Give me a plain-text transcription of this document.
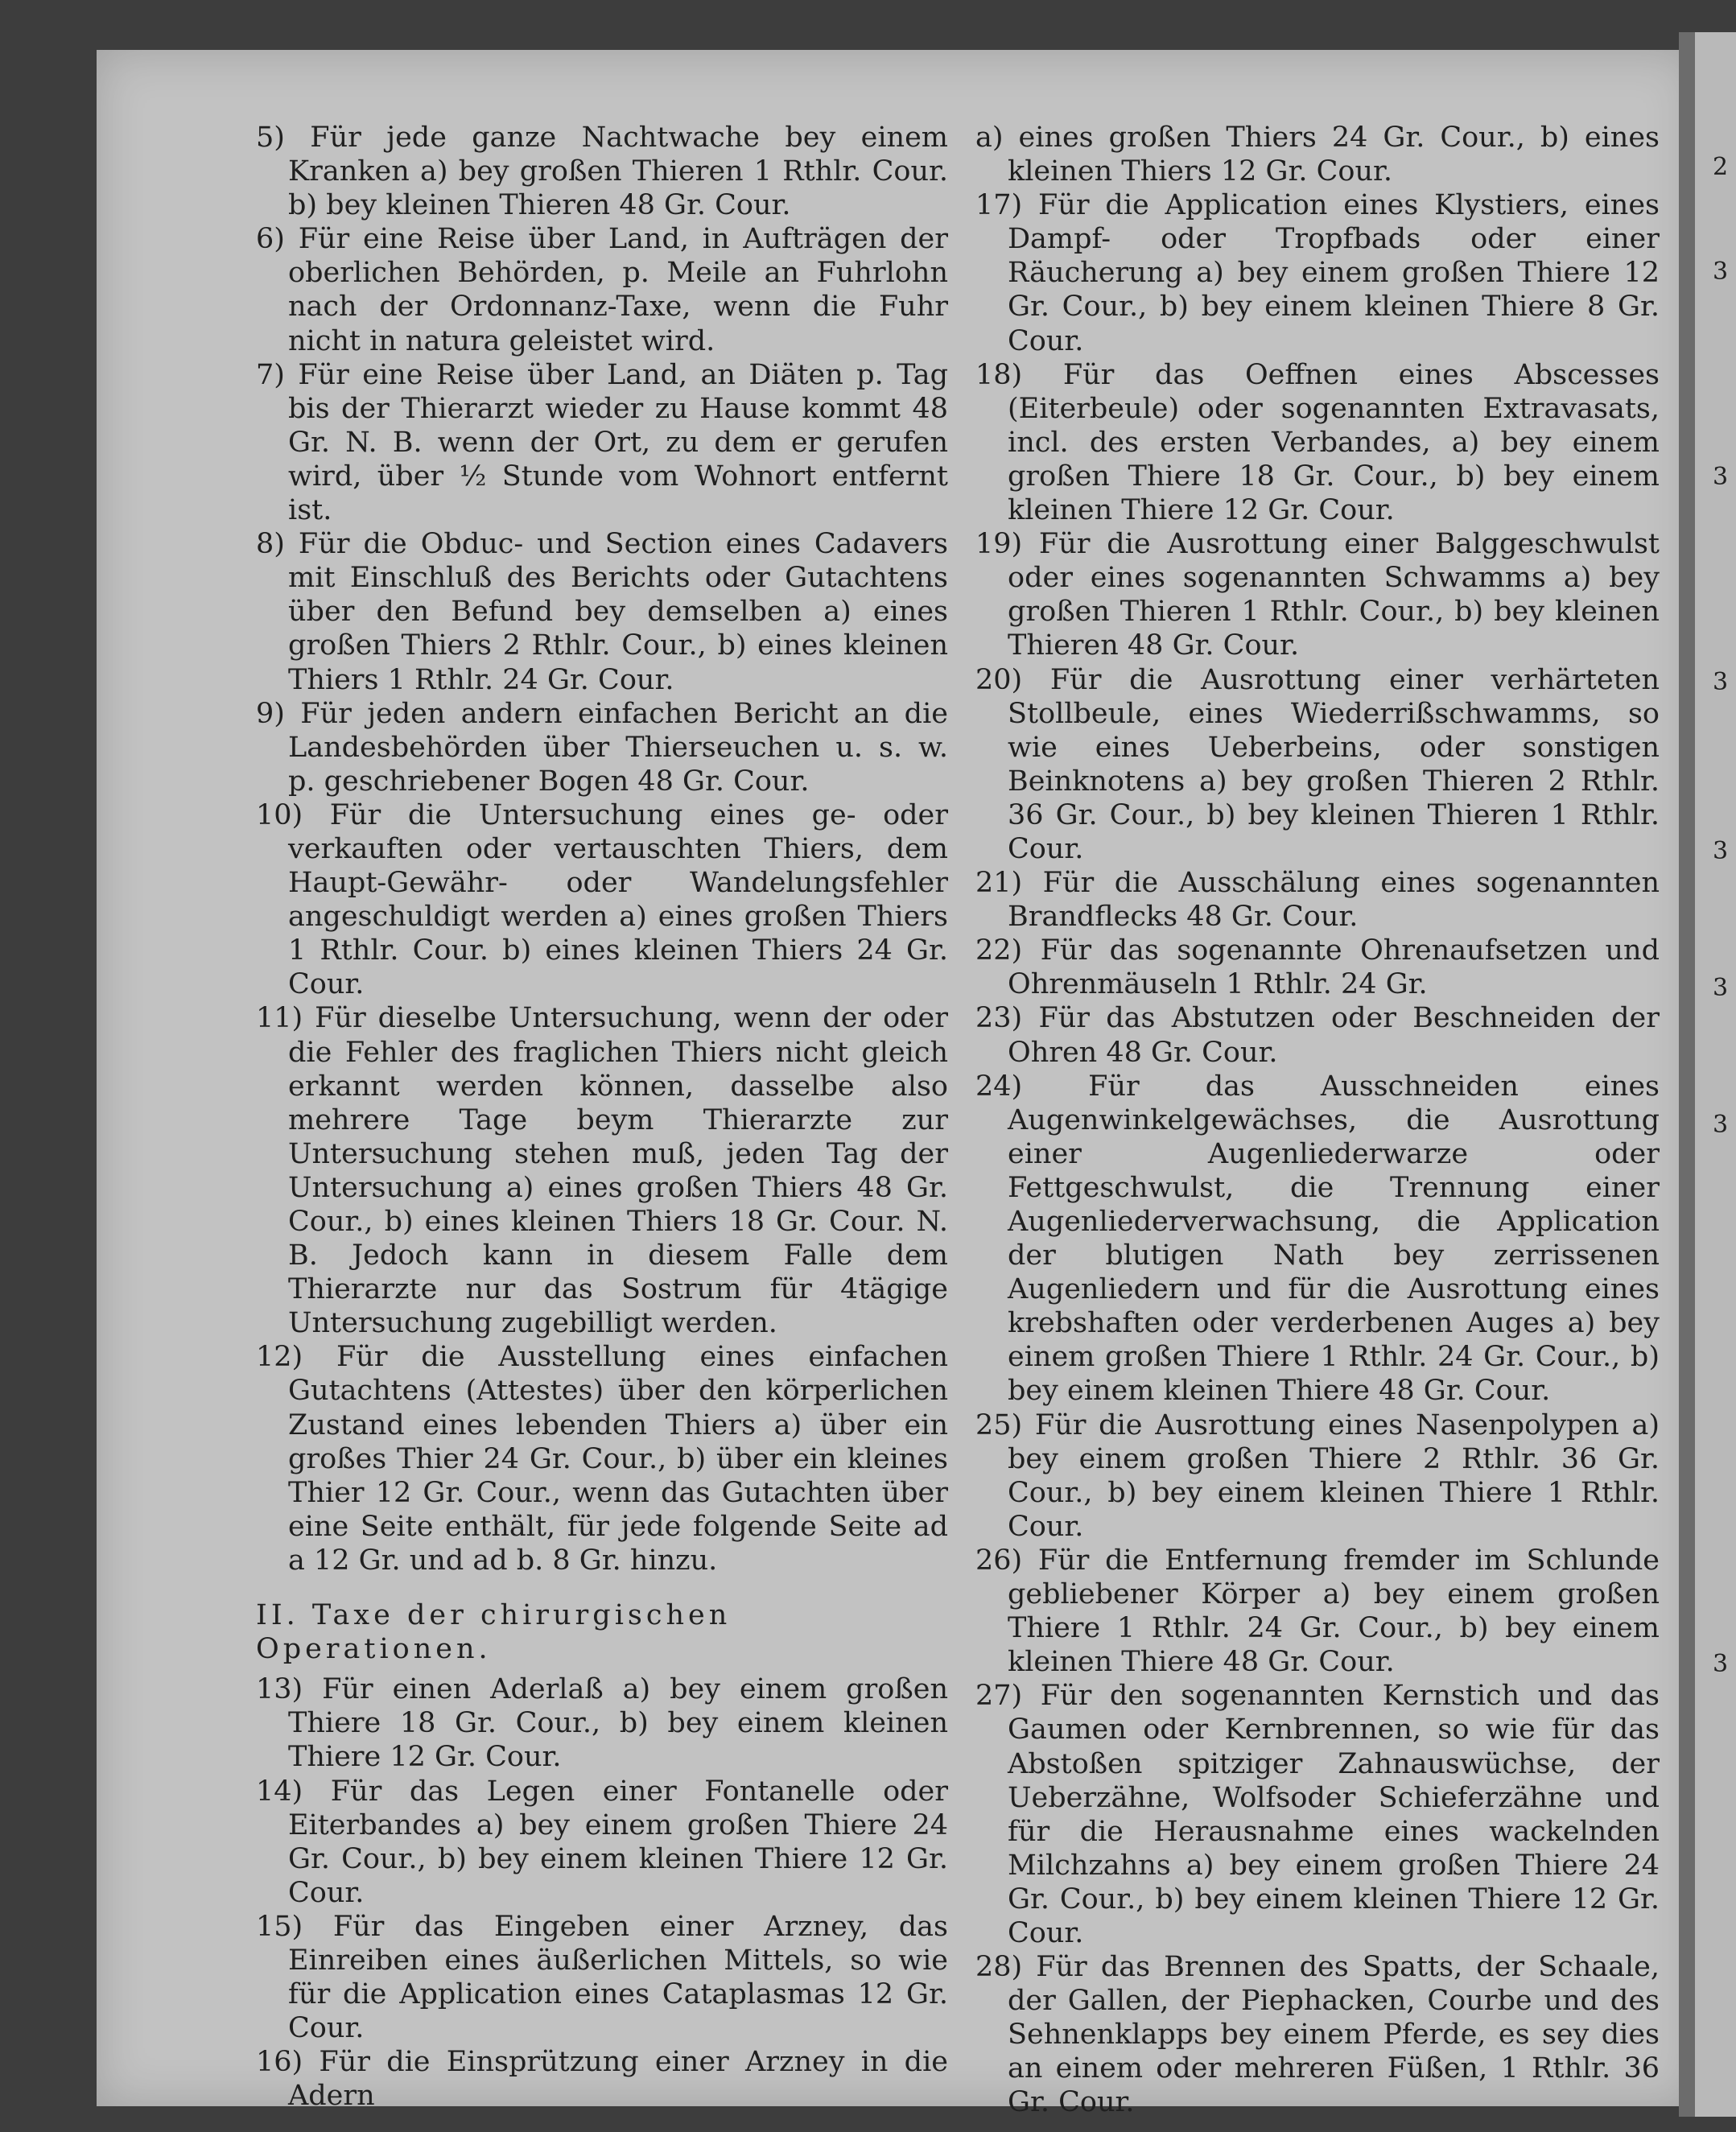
5) Für jede ganze Nachtwache bey einem Kranken a) bey großen Thieren 1 Rthlr. Cour. b) bey kleinen Thieren 48 Gr. Cour.

6) Für eine Reise über Land, in Aufträgen der oberlichen Behörden, p. Meile an Fuhrlohn nach der Ordonnanz-Taxe, wenn die Fuhr nicht in natura geleistet wird.

7) Für eine Reise über Land, an Diäten p. Tag bis der Thierarzt wieder zu Hause kommt 48 Gr. N. B. wenn der Ort, zu dem er gerufen wird, über ½ Stunde vom Wohnort entfernt ist.

8) Für die Obduc- und Section eines Cadavers mit Einschluß des Berichts oder Gutachtens über den Befund bey demselben a) eines großen Thiers 2 Rthlr. Cour., b) eines kleinen Thiers 1 Rthlr. 24 Gr. Cour.

9) Für jeden andern einfachen Bericht an die Landesbehörden über Thierseuchen u. s. w. p. geschriebener Bogen 48 Gr. Cour.

10) Für die Untersuchung eines ge- oder verkauften oder vertauschten Thiers, dem Haupt-Gewähr- oder Wandelungsfehler angeschuldigt werden a) eines großen Thiers 1 Rthlr. Cour. b) eines kleinen Thiers 24 Gr. Cour.

11) Für dieselbe Untersuchung, wenn der oder die Fehler des fraglichen Thiers nicht gleich erkannt werden können, dasselbe also mehrere Tage beym Thierarzte zur Untersuchung stehen muß, jeden Tag der Untersuchung a) eines großen Thiers 48 Gr. Cour., b) eines kleinen Thiers 18 Gr. Cour. N. B. Jedoch kann in diesem Falle dem Thierarzte nur das Sostrum für 4tägige Untersuchung zugebilligt werden.

12) Für die Ausstellung eines einfachen Gutachtens (Attestes) über den körperlichen Zustand eines lebenden Thiers a) über ein großes Thier 24 Gr. Cour., b) über ein kleines Thier 12 Gr. Cour., wenn das Gutachten über eine Seite enthält, für jede folgende Seite ad a 12 Gr. und ad b. 8 Gr. hinzu.

II. Taxe der chirurgischen Operationen.

13) Für einen Aderlaß a) bey einem großen Thiere 18 Gr. Cour., b) bey einem kleinen Thiere 12 Gr. Cour.

14) Für das Legen einer Fontanelle oder Eiterbandes a) bey einem großen Thiere 24 Gr. Cour., b) bey einem kleinen Thiere 12 Gr. Cour.

15) Für das Eingeben einer Arzney, das Einreiben eines äußerlichen Mittels, so wie für die Application eines Cataplasmas 12 Gr. Cour.

16) Für die Einsprützung einer Arzney in die Adern

a) eines großen Thiers 24 Gr. Cour., b) eines kleinen Thiers 12 Gr. Cour.

17) Für die Application eines Klystiers, eines Dampf- oder Tropfbads oder einer Räucherung a) bey einem großen Thiere 12 Gr. Cour., b) bey einem kleinen Thiere 8 Gr. Cour.

18) Für das Oeffnen eines Abscesses (Eiterbeule) oder sogenannten Extravasats, incl. des ersten Verbandes, a) bey einem großen Thiere 18 Gr. Cour., b) bey einem kleinen Thiere 12 Gr. Cour.

19) Für die Ausrottung einer Balggeschwulst oder eines sogenannten Schwamms a) bey großen Thieren 1 Rthlr. Cour., b) bey kleinen Thieren 48 Gr. Cour.

20) Für die Ausrottung einer verhärteten Stollbeule, eines Wiederrißschwamms, so wie eines Ueberbeins, oder sonstigen Beinknotens a) bey großen Thieren 2 Rthlr. 36 Gr. Cour., b) bey kleinen Thieren 1 Rthlr. Cour.

21) Für die Ausschälung eines sogenannten Brandflecks 48 Gr. Cour.

22) Für das sogenannte Ohrenaufsetzen und Ohrenmäuseln 1 Rthlr. 24 Gr.

23) Für das Abstutzen oder Beschneiden der Ohren 48 Gr. Cour.

24) Für das Ausschneiden eines Augenwinkelgewächses, die Ausrottung einer Augenliederwarze oder Fettgeschwulst, die Trennung einer Augenliederverwachsung, die Application der blutigen Nath bey zerrissenen Augenliedern und für die Ausrottung eines krebshaften oder verderbenen Auges a) bey einem großen Thiere 1 Rthlr. 24 Gr. Cour., b) bey einem kleinen Thiere 48 Gr. Cour.

25) Für die Ausrottung eines Nasenpolypen a) bey einem großen Thiere 2 Rthlr. 36 Gr. Cour., b) bey einem kleinen Thiere 1 Rthlr. Cour.

26) Für die Entfernung fremder im Schlunde gebliebener Körper a) bey einem großen Thiere 1 Rthlr. 24 Gr. Cour., b) bey einem kleinen Thiere 48 Gr. Cour.

27) Für den sogenannten Kernstich und das Gaumen oder Kernbrennen, so wie für das Abstoßen spitziger Zahnauswüchse, der Ueberzähne, Wolfsoder Schieferzähne und für die Herausnahme eines wackelnden Milchzahns a) bey einem großen Thiere 24 Gr. Cour., b) bey einem kleinen Thiere 12 Gr. Cour.

28) Für das Brennen des Spatts, der Schaale, der Gallen, der Piephacken, Courbe und des Sehnenklapps bey einem Pferde, es sey dies an einem oder mehreren Füßen, 1 Rthlr. 36 Gr. Cour.

2
3
3
3
3
3
3
3
